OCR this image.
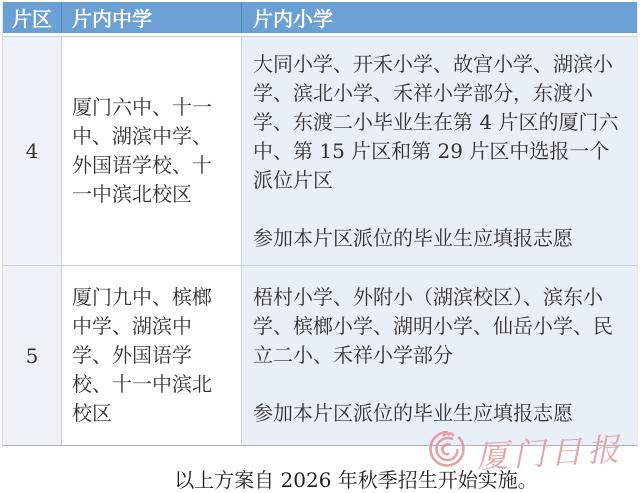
片区	片内中学	片内小学
4
厦门六中、十一中、湖滨中学、外国语学校、十一中滨北校区

大同小学、开禾小学、故宫小学、湖滨小学、滨北小学、禾祥小学部分，东渡小学、东渡二小毕业生在第 4 片区的厦门六中、第 15 片区和第 29 片区中选报一个派位片区

参加本片区派位的毕业生应填报志愿

5
厦门九中、槟榔中学、湖滨中学、外国语学校、十一中滨北校区

梧村小学、外附小（湖滨校区）、滨东小学、槟榔小学、湖明小学、仙岳小学、民立二小、禾祥小学部分

参加本片区派位的毕业生应填报志愿

厦门日报
以上方案自 2026 年秋季招生开始实施。
